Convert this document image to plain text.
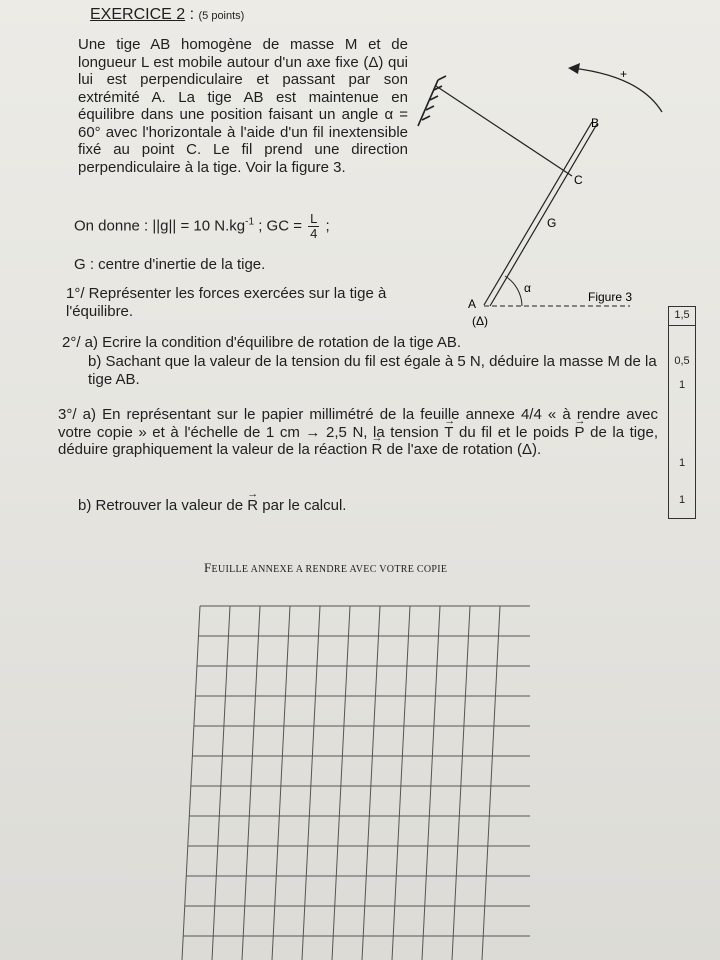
EXERCICE 2 : (5 points)
Une tige AB homogène de masse M et de longueur L est mobile autour d'un axe fixe (Δ) qui lui est perpendiculaire et passant par son extrémité A. La tige AB est maintenue en équilibre dans une position faisant un angle α = 60° avec l'horizontale à l'aide d'un fil inextensible fixé au point C. Le fil prend une direction perpendiculaire à la tige. Voir la figure 3.
On donne : ||g|| = 10 $N.kg^{-1}$ ; GC = $\frac{L}{4}$ ;
G : centre d'inertie de la tige.
1°/ Représenter les forces exercées sur la tige à l'équilibre.
2°/ a) Ecrire la condition d'équilibre de rotation de la tige AB.
b) Sachant que la valeur de la tension du fil est égale à 5 N, déduire la masse M de la tige AB.
3°/ a) En représentant sur le papier millimétré de la feuille annexe 4/4 « à rendre avec votre copie » et à l'échelle de 1 cm → 2,5 N, la tension → T du fil et le poids → P de la tige, déduire graphiquement la valeur de la réaction → R de l'axe de rotation (Δ).
b) Retrouver la valeur de → R par le calcul.
1,5
0,5
1
1
1
+
B
C
G
α
A
(Δ)
Figure 3
FEUILLE ANNEXE A RENDRE AVEC VOTRE COPIE
